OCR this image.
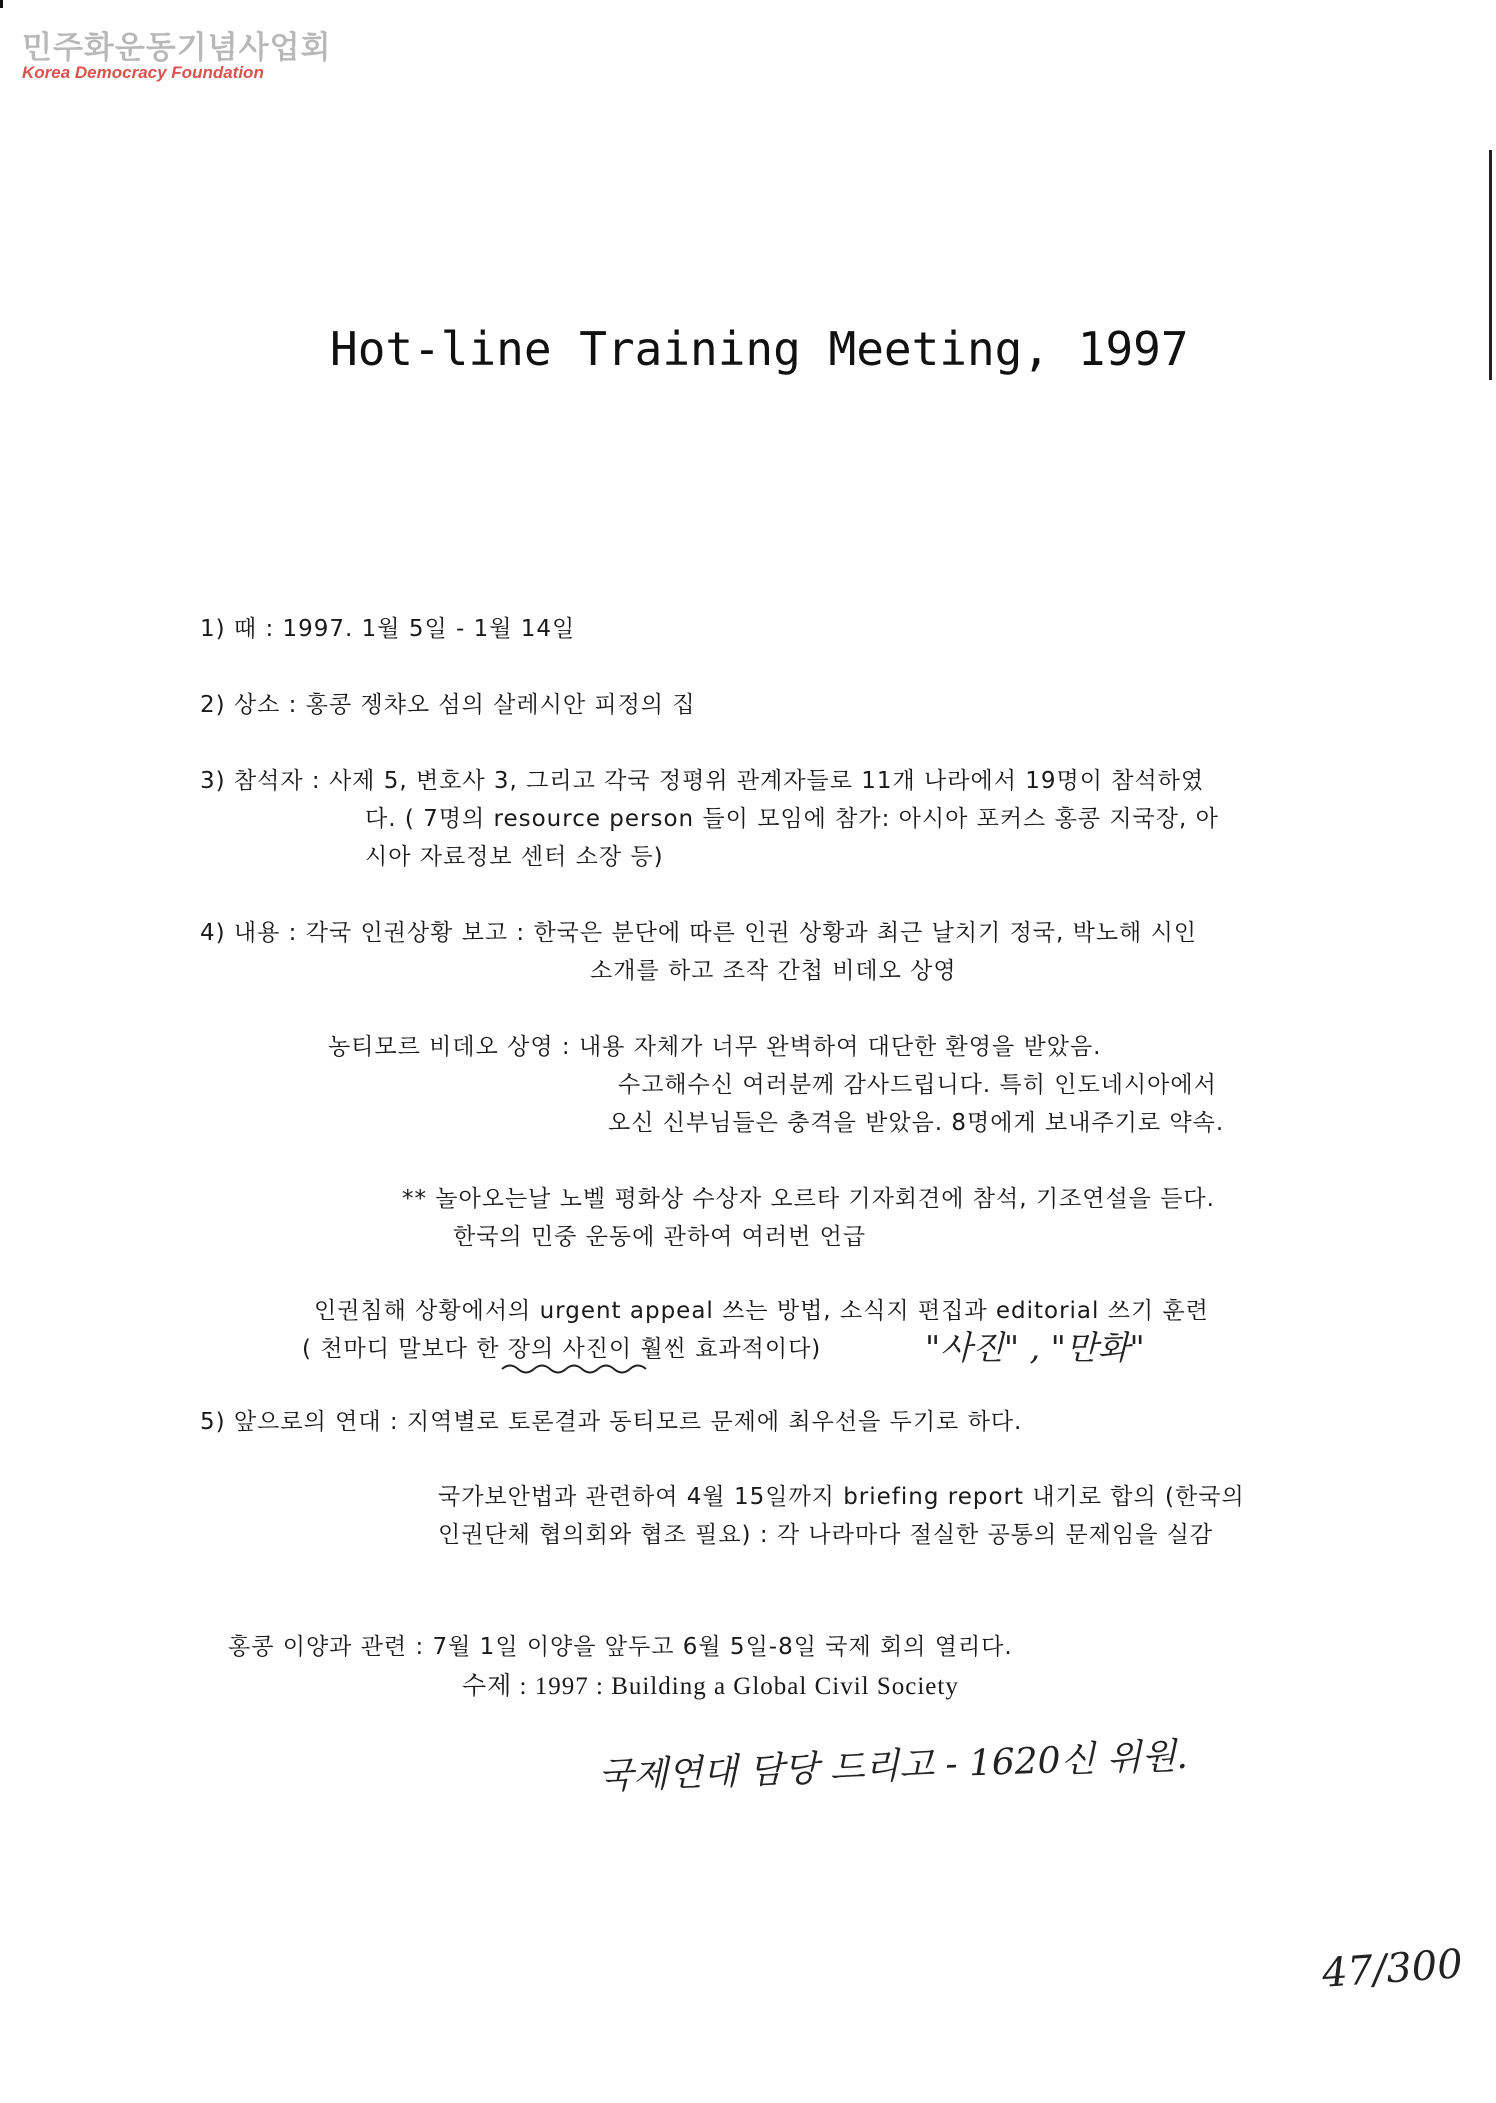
민주화운동기념사업회
Korea Democracy Foundation
Hot-line Training Meeting, 1997
1) 때 : 1997. 1월 5일 - 1월 14일
2) 상소 : 홍콩 젱챠오 섬의 살레시안 피정의 집
3) 참석자 : 사제 5, 변호사 3, 그리고 각국 정평위 관계자들로 11개 나라에서 19명이 참석하였
다. ( 7명의 resource person 들이 모임에 참가: 아시아 포커스 홍콩 지국장, 아
시아 자료정보 센터 소장 등)
4) 내용 : 각국 인권상황 보고 : 한국은 분단에 따른 인권 상황과 최근 날치기 정국, 박노해 시인
소개를 하고 조작 간첩 비데오 상영
농티모르 비데오 상영 : 내용 자체가 너무 완벽하여 대단한 환영을 받았음.
수고해수신 여러분께 감사드립니다. 특히 인도네시아에서
오신 신부님들은 충격을 받았음. 8명에게 보내주기로 약속.
** 놀아오는날 노벨 평화상 수상자 오르타 기자회견에 참석, 기조연설을 듣다.
한국의 민중 운동에 관하여 여러번 언급
인권침해 상황에서의 urgent appeal 쓰는 방법, 소식지 편집과 editorial 쓰기 훈련
( 천마디 말보다 한 장의 사진이 훨씬 효과적이다)	"사진" , "만화"
5) 앞으로의 연대 : 지역별로 토론결과 동티모르 문제에 최우선을 두기로 하다.
국가보안법과 관련하여 4월 15일까지 briefing report 내기로 합의 (한국의
인권단체 협의회와 협조 필요) : 각 나라마다 절실한 공통의 문제임을 실감
홍콩 이양과 관련 : 7월 1일 이양을 앞두고 6월 5일-8일 국제 회의 열리다.
수제 : 1997 : Building a Global Civil Society
국제연대 담당 드리고 - 1620신 위원.
47/300
